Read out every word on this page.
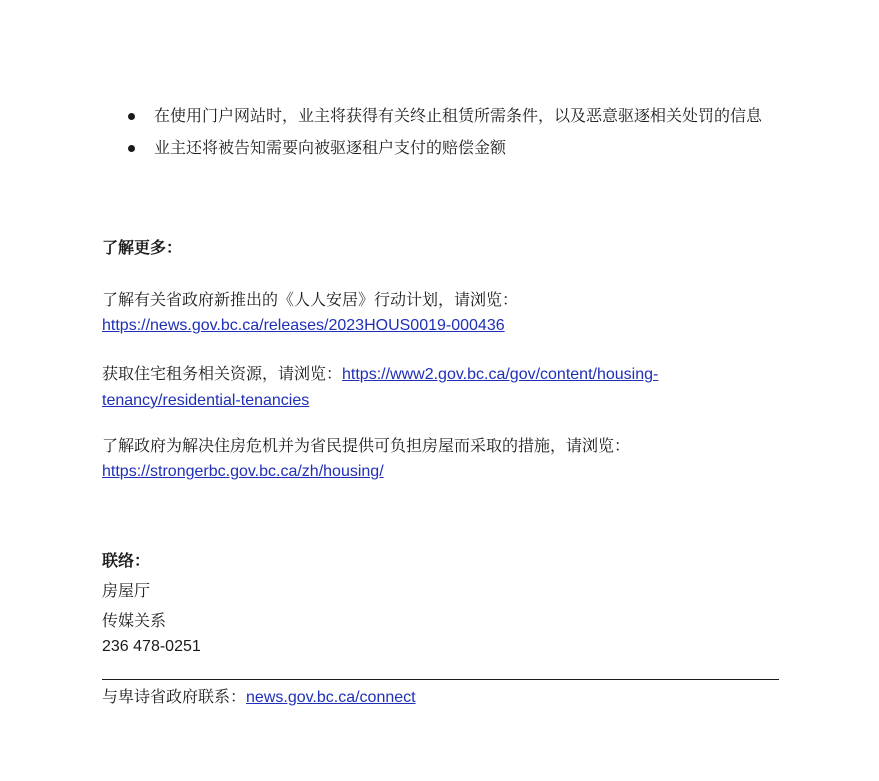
在使用门户网站时，业主将获得有关终止租赁所需条件，以及恶意驱逐相关处罚的信息
业主还将被告知需要向被驱逐租户支付的赔偿金额
了解更多：
了解有关省政府新推出的《人人安居》行动计划，请浏览：
https://news.gov.bc.ca/releases/2023HOUS0019-000436
获取住宅租务相关资源，请浏览：https://www2.gov.bc.ca/gov/content/housing-
tenancy/residential-tenancies
了解政府为解决住房危机并为省民提供可负担房屋而采取的措施，请浏览：
https://strongerbc.gov.bc.ca/zh/housing/
联络：
房屋厅
传媒关系
236 478-0251
与卑诗省政府联系：news.gov.bc.ca/connect
